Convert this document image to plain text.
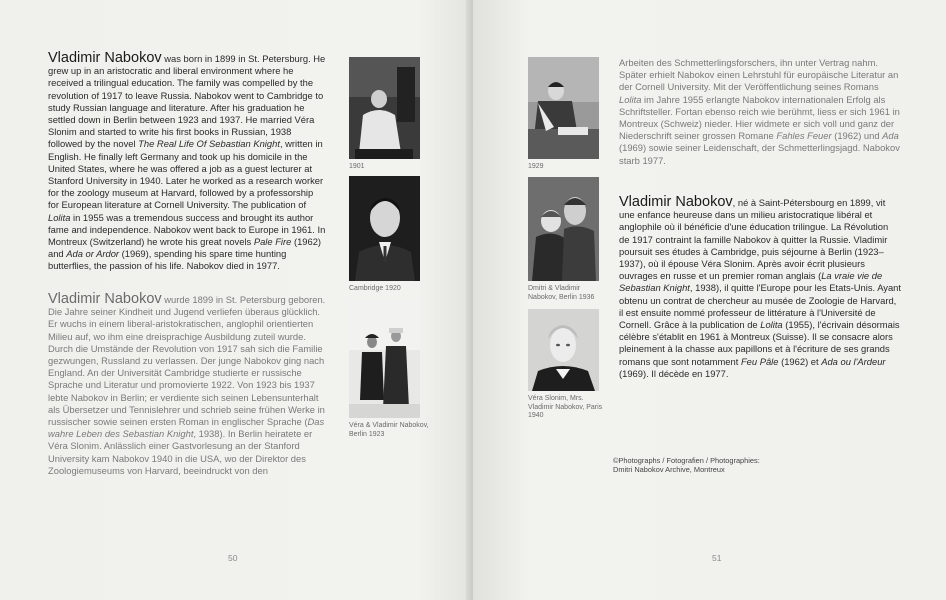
Vladimir Nabokov was born in 1899 in St. Petersburg. He grew up in an aristocratic and liberal environment where he received a trilingual education. The family was compelled by the revolution of 1917 to leave Russia. Nabokov went to Cambridge to study Russian language and literature. After his graduation he settled down in Berlin between 1923 and 1937. He married Véra Slonim and started to write his first books in Russian, 1938 followed by the novel The Real Life Of Sebastian Knight, written in English. He finally left Germany and took up his domicile in the United States, where he was offered a job as a guest lecturer at Stanford University in 1940. Later he worked as a research worker for the zoology museum at Harvard, followed by a professorship for European literature at Cornell University. The publication of Lolita in 1955 was a tremendous success and brought its author fame and independence. Nabokov went back to Europe in 1961. In Montreux (Switzerland) he wrote his great novels Pale Fire (1962) and Ada or Ardor (1969), spending his spare time hunting butterflies, the passion of his life. Nabokov died in 1977.
Vladimir Nabokov wurde 1899 in St. Petersburg geboren. Die Jahre seiner Kindheit und Jugend verliefen überaus glücklich. Er wuchs in einem liberal-aristokratischen, anglophil orientierten Milieu auf, wo ihm eine dreisprachige Ausbildung zuteil wurde. Durch die Umstände der Revolution von 1917 sah sich die Familie gezwungen, Russland zu verlassen. Der junge Nabokov ging nach England. An der Universität Cambridge studierte er russische Sprache und Literatur und promovierte 1922. Von 1923 bis 1937 lebte Nabokov in Berlin; er verdiente sich seinen Lebensunterhalt als Übersetzer und Tennislehrer und schrieb seine frühen Werke in russischer sowie seinen ersten Roman in englischer Sprache (Das wahre Leben des Sebastian Knight, 1938). In Berlin heiratete er Véra Slonim. Anlässlich einer Gastvorlesung an der Stanford University kam Nabokov 1940 in die USA, wo der Direktor des Zoologiemuseums von Harvard, beeindruckt von den
1901
Cambridge 1920
Véra & Vladimir Nabokov, Berlin 1923
50
Arbeiten des Schmetterlingsforschers, ihn unter Vertrag nahm. Später erhielt Nabokov einen Lehrstuhl für europäische Literatur an der Cornell University. Mit der Veröffentlichung seines Romans Lolita im Jahre 1955 erlangte Nabokov internationalen Erfolg als Schriftsteller. Fortan ebenso reich wie berühmt, liess er sich 1961 in Montreux (Schweiz) nieder. Hier widmete er sich voll und ganz der Niederschrift seiner grossen Romane Fahles Feuer (1962) und Ada (1969) sowie seiner Leidenschaft, der Schmetterlingsjagd. Nabokov starb 1977.
Vladimir Nabokov, né à Saint-Pétersbourg en 1899, vit une enfance heureuse dans un milieu aristocratique libéral et anglophile où il bénéficie d'une éducation trilingue. La Révolution de 1917 contraint la famille Nabokov à quitter la Russie. Vladimir poursuit ses études à Cambridge, puis séjourne à Berlin (1923–1937), où il épouse Véra Slonim. Après avoir écrit plusieurs ouvrages en russe et un premier roman anglais (La vraie vie de Sebastian Knight, 1938), il quitte l'Europe pour les Etats-Unis. Ayant obtenu un contrat de chercheur au musée de Zoologie de Harvard, il est ensuite nommé professeur de littérature à l'Université de Cornell. Grâce à la publication de Lolita (1955), l'écrivain désormais célèbre s'établit en 1961 à Montreux (Suisse). Il se consacre alors pleinement à la chasse aux papillons et à l'écriture de ses grands romans que sont notamment Feu Pâle (1962) et Ada ou l'Ardeur (1969). Il décède en 1977.
1929
Dmitri & Vladimir Nabokov, Berlin 1936
Véra Slonim, Mrs. Vladimir Nabokov, Paris 1940
©Photographs / Fotografien / Photographies:
Dmitri Nabokov Archive, Montreux
51
